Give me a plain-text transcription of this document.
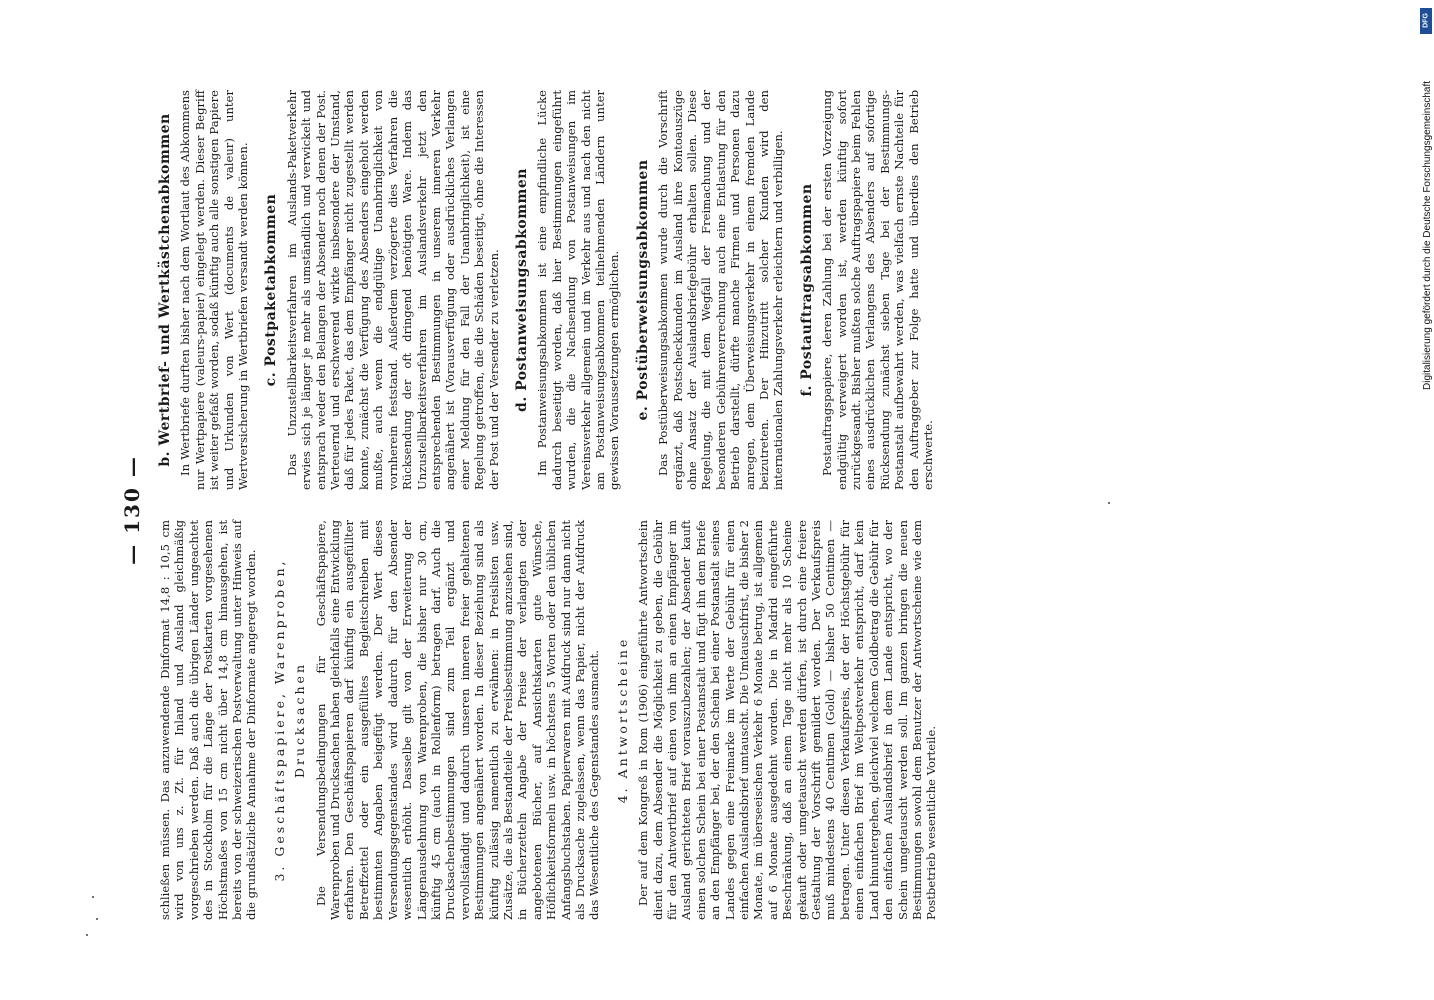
— 130 —

schließen müssen. Das anzuwendende Dinformat 14,8 : 10,5 cm wird von uns z. Zt. für Inland und Ausland gleichmäßig vorgeschrieben werden. Daß auch die übrigen Länder ungeachtet des in Stockholm für die Länge der Postkarten vorgesehenen Höchstmaßes von 15 cm nicht über 14,8 cm hinausgehen, ist bereits von der schweizerischen Postverwaltung unter Hinweis auf die grundsätzliche Annahme der Dinformate angeregt worden. 3. Geschäftspapiere, Warenproben, Drucksachen Die Versendungsbedingungen für Geschäftspapiere, Warenproben und Drucksachen haben gleichfalls eine Entwicklung erfahren. Den Geschäftspapieren darf künftig ein ausgefüllter Betreffzettel oder ein ausgefülltes Begleitschreiben mit bestimmten Angaben beigefügt werden. Der Wert dieses Versendungsgegenstandes wird dadurch für den Absender wesentlich erhöht. Dasselbe gilt von der Erweiterung der Längenausdehnung von Warenproben, die bisher nur 30 cm, künftig 45 cm (auch in Rollenform) betragen darf. Auch die Drucksachenbestimmungen sind zum Teil ergänzt und vervollständigt und dadurch unseren inneren freier gehaltenen Bestimmungen angenähert worden. In dieser Beziehung sind als künftig zulässig namentlich zu erwähnen: in Preislisten usw. Zusätze, die als Bestandteile der Preisbestimmung anzusehen sind, in Bücherzetteln Angabe der Preise der verlangten oder angebotenen Bücher, auf Ansichtskarten gute Wünsche, Höflichkeitsformeln usw. in höchstens 5 Worten oder den üblichen Anfangsbuchstaben. Papierwaren mit Aufdruck sind nur dann nicht als Drucksache zugelassen, wenn das Papier, nicht der Aufdruck das Wesentliche des Gegenstandes ausmacht. 4. Antwortscheine Der auf dem Kongreß in Rom (1906) eingeführte Antwortschein dient dazu, dem Absender die Möglichkeit zu geben, die Gebühr für den Antwortbrief auf einen von ihm an einen Empfänger im Ausland gerichteten Brief vorauszubezahlen; der Absender kauft einen solchen Schein bei einer Postanstalt und fügt ihn dem Briefe an den Empfänger bei, der den Schein bei einer Postanstalt seines Landes gegen eine Freimarke im Werte der Gebühr für einen einfachen Auslandsbrief umtauscht. Die Umtauschfrist, die bisher 2 Monate, im überseeischen Verkehr 6 Monate betrug, ist allgemein auf 6 Monate ausgedehnt worden. Die in Madrid eingeführte Beschränkung, daß an einem Tage nicht mehr als 10 Scheine gekauft oder umgetauscht werden dürfen, ist durch eine freiere Gestaltung der Vorschrift gemildert worden. Der Verkaufspreis muß mindestens 40 Centimen (Gold) — bisher 50 Centimen — betragen. Unter diesen Verkaufspreis, der der Höchstgebühr für einen einfachen Brief im Weltpostverkehr entspricht, darf kein Land hinuntergehen, gleichviel welchem Goldbetrag die Gebühr für den einfachen Auslandsbrief in dem Lande entspricht, wo der Schein umgetauscht werden soll. Im ganzen bringen die neuen Bestimmungen sowohl dem Benutzer der Antwortscheine wie dem Postbetrieb wesentliche Vorteile.

b. Wertbrief- und Wertkästchenabkommen In Wertbriefe durften bisher nach dem Wortlaut des Abkommens nur Wertpapiere (valeurs-papier) eingelegt werden. Dieser Begriff ist weiter gefaßt worden, sodaß künftig auch alle sonstigen Papiere und Urkunden von Wert (documents de valeur) unter Wertversicherung in Wertbriefen versandt werden können. c. Postpaketabkommen Das Unzustellbarkeitsverfahren im Auslands-Paketverkehr erwies sich je länger je mehr als umständlich und verwickelt und entsprach weder den Belangen der Absender noch denen der Post. Verteuernd und erschwerend wirkte insbesondere der Umstand, daß für jedes Paket, das dem Empfänger nicht zugestellt werden konnte, zunächst die Verfügung des Absenders eingeholt werden mußte, auch wenn die endgültige Unanbringlichkeit von vornherein feststand. Außerdem verzögerte dies Verfahren die Rücksendung der oft dringend benötigten Ware. Indem das Unzustellbarkeitsverfahren im Auslandsverkehr jetzt den entsprechenden Bestimmungen in unserem inneren Verkehr angenähert ist (Vorausverfügung oder ausdrückliches Verlangen einer Meldung für den Fall der Unanbringlichkeit), ist eine Regelung getroffen, die die Schäden beseitigt, ohne die Interessen der Post und der Versender zu verletzen. d. Postanweisungsabkommen Im Postanweisungsabkommen ist eine empfindliche Lücke dadurch beseitigt worden, daß hier Bestimmungen eingeführt wurden, die die Nachsendung von Postanweisungen im Vereinsverkehr allgemein und im Verkehr aus und nach den nicht am Postanweisungsabkommen teilnehmenden Ländern unter gewissen Voraussetzungen ermöglichen. e. Postüberweisungsabkommen Das Postüberweisungsabkommen wurde durch die Vorschrift ergänzt, daß Postscheckkunden im Ausland ihre Kontoauszüge ohne Ansatz der Auslandsbriefgebühr erhalten sollen. Diese Regelung, die mit dem Wegfall der Freimachung und der besonderen Gebührenverrechnung auch eine Entlastung für den Betrieb darstellt, dürfte manche Firmen und Personen dazu anregen, dem Überweisungsverkehr in einem fremden Lande beizutreten. Der Hinzutritt solcher Kunden wird den internationalen Zahlungsverkehr erleichtern und verbilligen. f. Postauftragsabkommen Postauftragspapiere, deren Zahlung bei der ersten Vorzeigung endgültig verweigert worden ist, werden künftig sofort zurückgesandt. Bisher mußten solche Auftragspapiere beim Fehlen eines ausdrücklichen Verlangens des Absenders auf sofortige Rücksendung zunächst sieben Tage bei der Bestimmungs-Postanstalt aufbewahrt werden, was vielfach ernste Nachteile für den Auftraggeber zur Folge hatte und überdies den Betrieb erschwerte.

DFG
Digitalisierung gefördert durch die Deutsche Forschungsgemeinschaft
